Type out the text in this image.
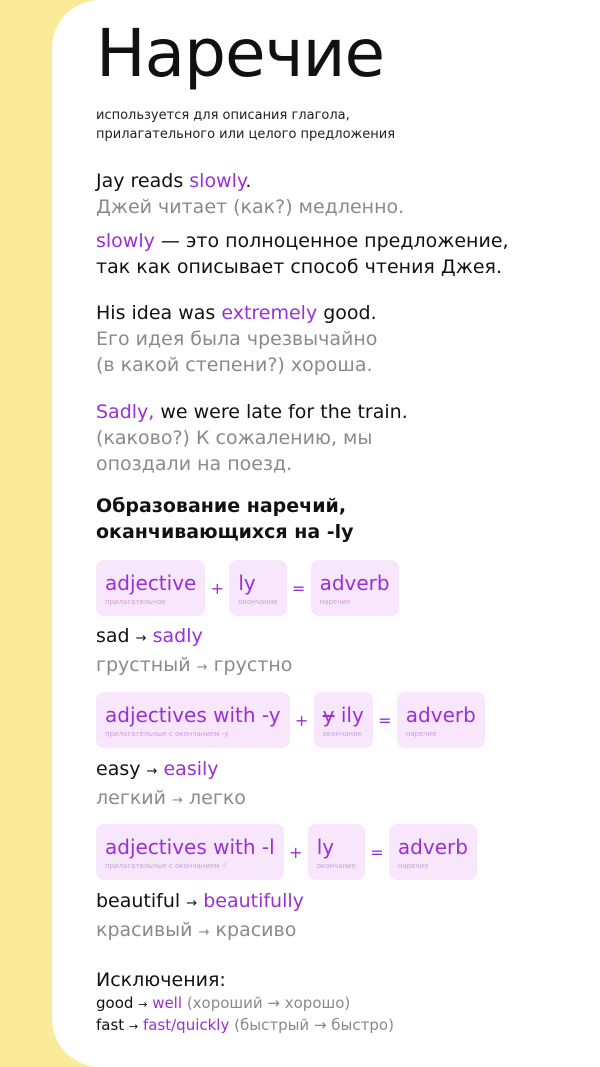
Наречие
используется для описания глагола,
прилагательного или целого предложения
Jay reads slowly.
Джей читает (как?) медленно.
slowly — это полноценное предложение,
так как описывает способ чтения Джея.
His idea was extremely good.
Его идея была чрезвычайно
(в какой степени?) хороша.
Sadly, we were late for the train.
(каково?) К сожалению, мы
опоздали на поезд.
Образование наречий,
оканчивающихся на -ly
adjective
прилагательное
+ ly
окончание
= adverb
наречие
sad → sadly
грустный → грустно
adjectives with -y
прилагательные с окончанием -y
+ y ily
окончание
= adverb
наречие
easy → easily
легкий → легко
adjectives with -l
прилагательные с окончанием -l
+ ly
окончание
= adverb
наречие
beautiful → beautifully
красивый → красиво
Исключения:
good → well (хороший → хорошо)
fast → fast/quickly (быстрый → быстро)
